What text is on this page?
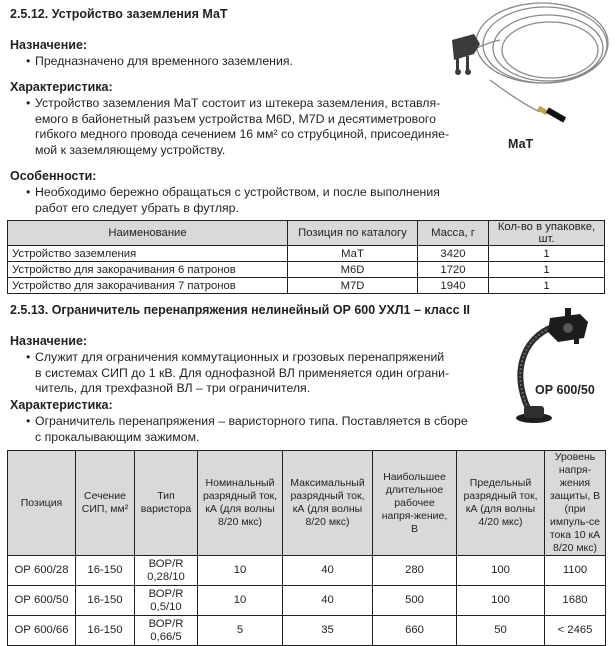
2.5.12. Устройство заземления МаТ
Назначение:
• Предназначено для временного заземления.
Характеристика:
• Устройство заземления МаТ состоит из штекера заземления, вставля-
емого в байонетный разъем устройства М6D, М7D и десятиметрового
гибкого медного провода сечением 16 мм² со струбциной, присоединяе-
мой к заземляющему устройству.
Особенности:
• Необходимо бережно обращаться с устройством, и после выполнения
работ его следует убрать в футляр.
МаТ
Наименование	Позиция по каталогу	Масса, г	Кол-во в упаковке, шт.
Устройство заземления	МаТ	3420	1
Устройство для закорачивания 6 патронов	М6D	1720	1
Устройство для закорачивания 7 патронов	М7D	1940	1
2.5.13. Ограничитель перенапряжения нелинейный ОР 600 УХЛ1 – класс II
Назначение:
• Служит для ограничения коммутационных и грозовых перенапряжений
в системах СИП до 1 кВ. Для однофазной ВЛ применяется один ограни-
читель, для трехфазной ВЛ – три ограничителя.
Характеристика:
• Ограничитель перенапряжения – варисторного типа. Поставляется в сборе
с прокалывающим зажимом.
ОР 600/50
Позиция	Сечение СИП, мм²	Тип варистора	Номинальный разрядный ток, кА (для волны 8/20 мкс)	Максимальный разрядный ток, кА (для волны 8/20 мкс)	Наибольшее длительное рабочее напря-жение, В	Предельный разрядный ток, кА (для волны 4/20 мкс)	Уровень напря-жения защиты, В (при импуль-се тока 10 кА 8/20 мкс)
ОР 600/28	16-150	ВОР/R 0,28/10	10	40	280	100	1100
ОР 600/50	16-150	ВОР/R 0,5/10	10	40	500	100	1680
ОР 600/66	16-150	ВОР/R 0,66/5	5	35	660	50	< 2465
